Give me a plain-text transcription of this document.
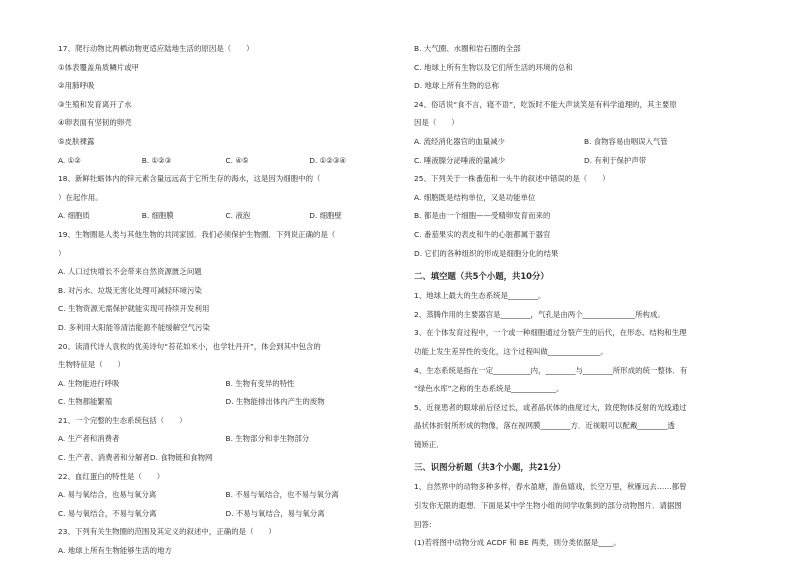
17、爬行动物比两栖动物更适应陆地生活的原因是（　　）
①体表覆盖角质鳞片或甲
②用肺呼吸
③生殖和发育离开了水
④卵表面有坚韧的卵壳
⑤皮肤裸露
A. ①②	B. ①②③	C. ④⑤	D. ①②③④
18、新鲜牡蛎体内的锌元素含量远远高于它所生存的海水，这是因为细胞中的（
）在起作用。
A. 细胞质	B. 细胞膜	C. 液泡	D. 细胞壁
19、生物圈是人类与其他生物的共同家园．我们必须保护生物圈．下列说正确的是（
）
A. 人口过快增长不会带来自然资源匮乏问题
B. 对污水、垃圾无害化处理可减轻环境污染
C. 生物资源无需保护就能实现可持续开发利用
D. 多利用大阳能等清洁能源不能缓解空气污染
20、读清代诗人袁枚的优美诗句“苔花如米小，也学牡丹开”，体会到其中包含的
生物特征是（　　）
A. 生物能进行呼吸	B. 生物有变异的特性
C. 生物都能繁殖	D. 生物能排出体内产生的废物
21、一个完整的生态系统包括（　　）
A. 生产者和消费者	B. 生物部分和非生物部分
C. 生产者、消费者和分解者D. 食物链和食物网
22、血红蛋白的特性是（　　）
A. 易与氧结合，也易与氧分离	B. 不易与氧结合，也不易与氧分离
C. 易与氧结合，不易与氧分离	D. 不易与氧结合，易与氧分离
23、下列有关生物圈的范围及其定义的叙述中，正确的是（　　）
A. 地球上所有生物能够生活的地方
B. 大气圈、水圈和岩石圈的全部
C. 地球上所有生物以及它们所生活的环境的总和
D. 地球上所有生物的总称
24、俗话说“食不言，寝不语”，吃饭时不能大声谈笑是有科学道理的，其主要原
因是（　　）
A. 流经消化器官的血量减少	B. 食物容易由咽误入气管
C. 唾液腺分泌唾液的量减少	D. 有利于保护声带
25、下列关于一株番茄和一头牛的叙述中错误的是（　　）
A. 细胞既是结构单位，又是功能单位
B. 都是由一个细胞——受精卵发育而来的
C. 番茄果实的表皮和牛的心脏都属于器官
D. 它们的各种组织的形成是细胞分化的结果
二、填空题（共5个小题，共10分）
1、地球上最大的生态系统是________。
2、蒸腾作用的主要器官是________，气孔是由两个______________所构成。
3、在个体发育过程中，一个或一种细胞通过分裂产生的后代，在形态、结构和生理
功能上发生差异性的变化，这个过程叫做______________。
4、生态系统是指在一定__________内，________与________所形成的统一整体．有
“绿色水库”之称的生态系统是____________。
5、近视患者的眼球前后径过长，或者晶状体的曲度过大，致使物体反射的光线通过
晶状体折射所形成的物像，落在视网膜________方．近视眼可以配戴________透
镜矫正．
三、识图分析题（共3个小题，共21分）
1、自然界中的动物多种多样，春水盈塘，游鱼嬉戏，长空万里，秋雁远去……都曾
引发你无限的遐想．下面是某中学生物小组的同学收集到的部分动物图片．请据图
回答：
(1)若将图中动物分成 ACDF 和 BE 两类，则分类依据是____。
